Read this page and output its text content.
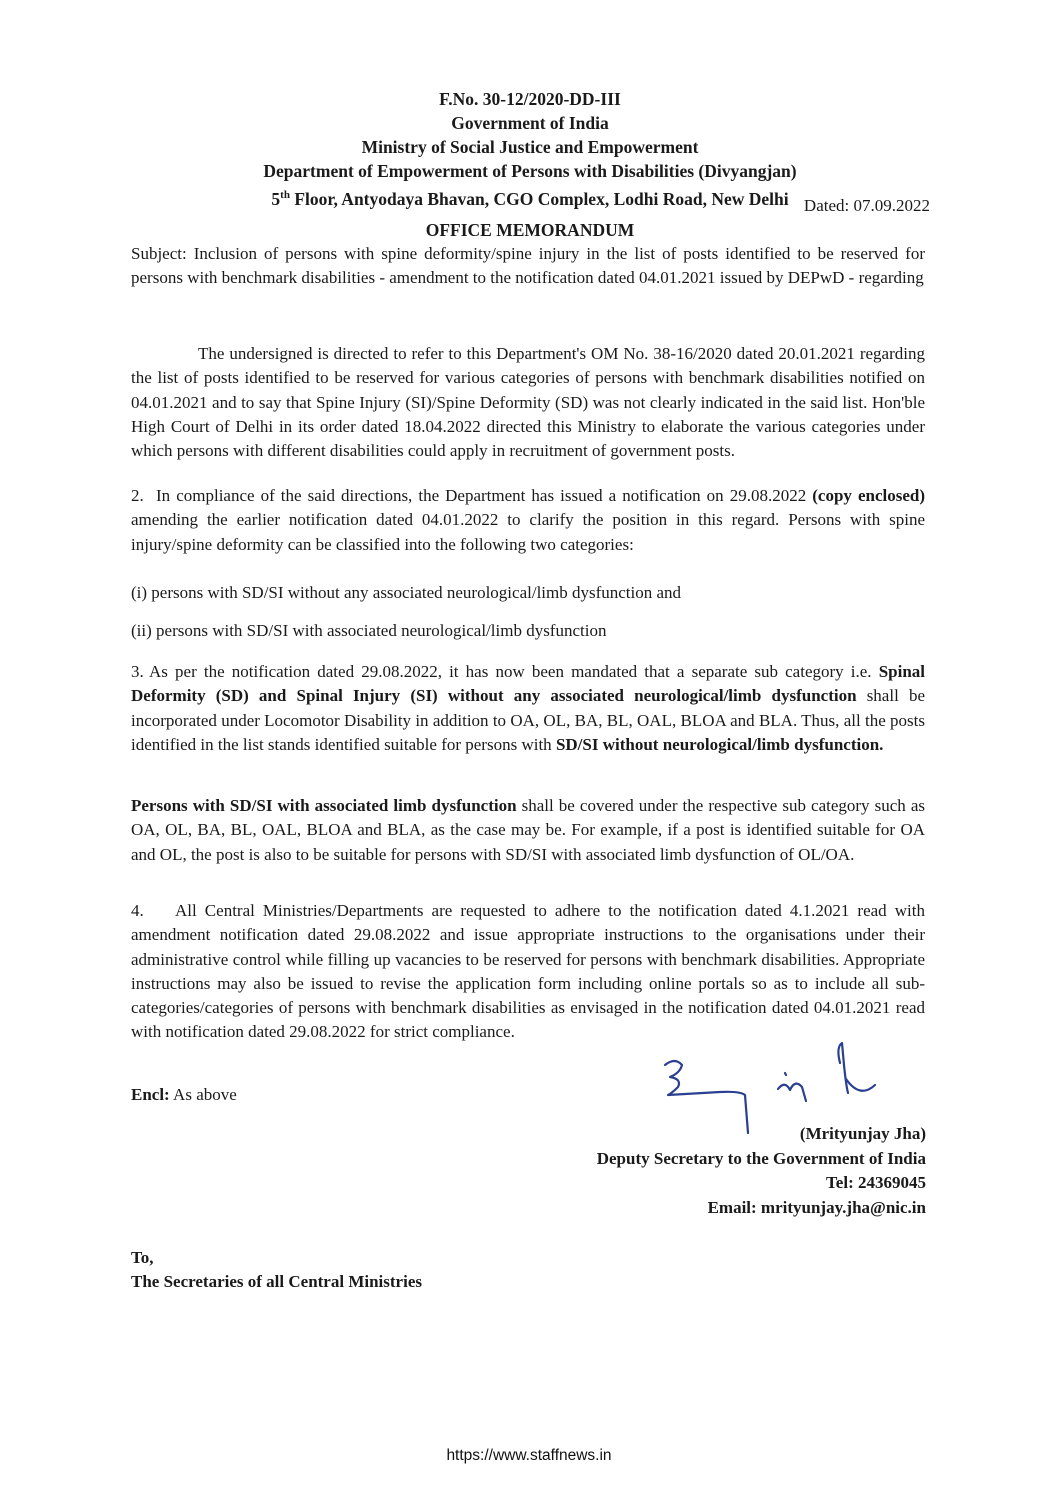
F.No. 30-12/2020-DD-III
Government of India
Ministry of Social Justice and Empowerment
Department of Empowerment of Persons with Disabilities (Divyangjan)
5th Floor, Antyodaya Bhavan, CGO Complex, Lodhi Road, New Delhi Dated: 07.09.2022
OFFICE MEMORANDUM
Subject: Inclusion of persons with spine deformity/spine injury in the list of posts identified to be reserved for persons with benchmark disabilities - amendment to the notification dated 04.01.2021 issued by DEPwD - regarding
The undersigned is directed to refer to this Department's OM No. 38-16/2020 dated 20.01.2021 regarding the list of posts identified to be reserved for various categories of persons with benchmark disabilities notified on 04.01.2021 and to say that Spine Injury (SI)/Spine Deformity (SD) was not clearly indicated in the said list. Hon'ble High Court of Delhi in its order dated 18.04.2022 directed this Ministry to elaborate the various categories under which persons with different disabilities could apply in recruitment of government posts.
2. In compliance of the said directions, the Department has issued a notification on 29.08.2022 (copy enclosed) amending the earlier notification dated 04.01.2022 to clarify the position in this regard. Persons with spine injury/spine deformity can be classified into the following two categories:
(i) persons with SD/SI without any associated neurological/limb dysfunction and
(ii) persons with SD/SI with associated neurological/limb dysfunction
3. As per the notification dated 29.08.2022, it has now been mandated that a separate sub category i.e. Spinal Deformity (SD) and Spinal Injury (SI) without any associated neurological/limb dysfunction shall be incorporated under Locomotor Disability in addition to OA, OL, BA, BL, OAL, BLOA and BLA. Thus, all the posts identified in the list stands identified suitable for persons with SD/SI without neurological/limb dysfunction.
Persons with SD/SI with associated limb dysfunction shall be covered under the respective sub category such as OA, OL, BA, BL, OAL, BLOA and BLA, as the case may be. For example, if a post is identified suitable for OA and OL, the post is also to be suitable for persons with SD/SI with associated limb dysfunction of OL/OA.
4. All Central Ministries/Departments are requested to adhere to the notification dated 4.1.2021 read with amendment notification dated 29.08.2022 and issue appropriate instructions to the organisations under their administrative control while filling up vacancies to be reserved for persons with benchmark disabilities. Appropriate instructions may also be issued to revise the application form including online portals so as to include all sub-categories/categories of persons with benchmark disabilities as envisaged in the notification dated 04.01.2021 read with notification dated 29.08.2022 for strict compliance.
Encl: As above
(Mrityunjay Jha)
Deputy Secretary to the Government of India
Tel: 24369045
Email: mrityunjay.jha@nic.in
To,
The Secretaries of all Central Ministries
https://www.staffnews.in
